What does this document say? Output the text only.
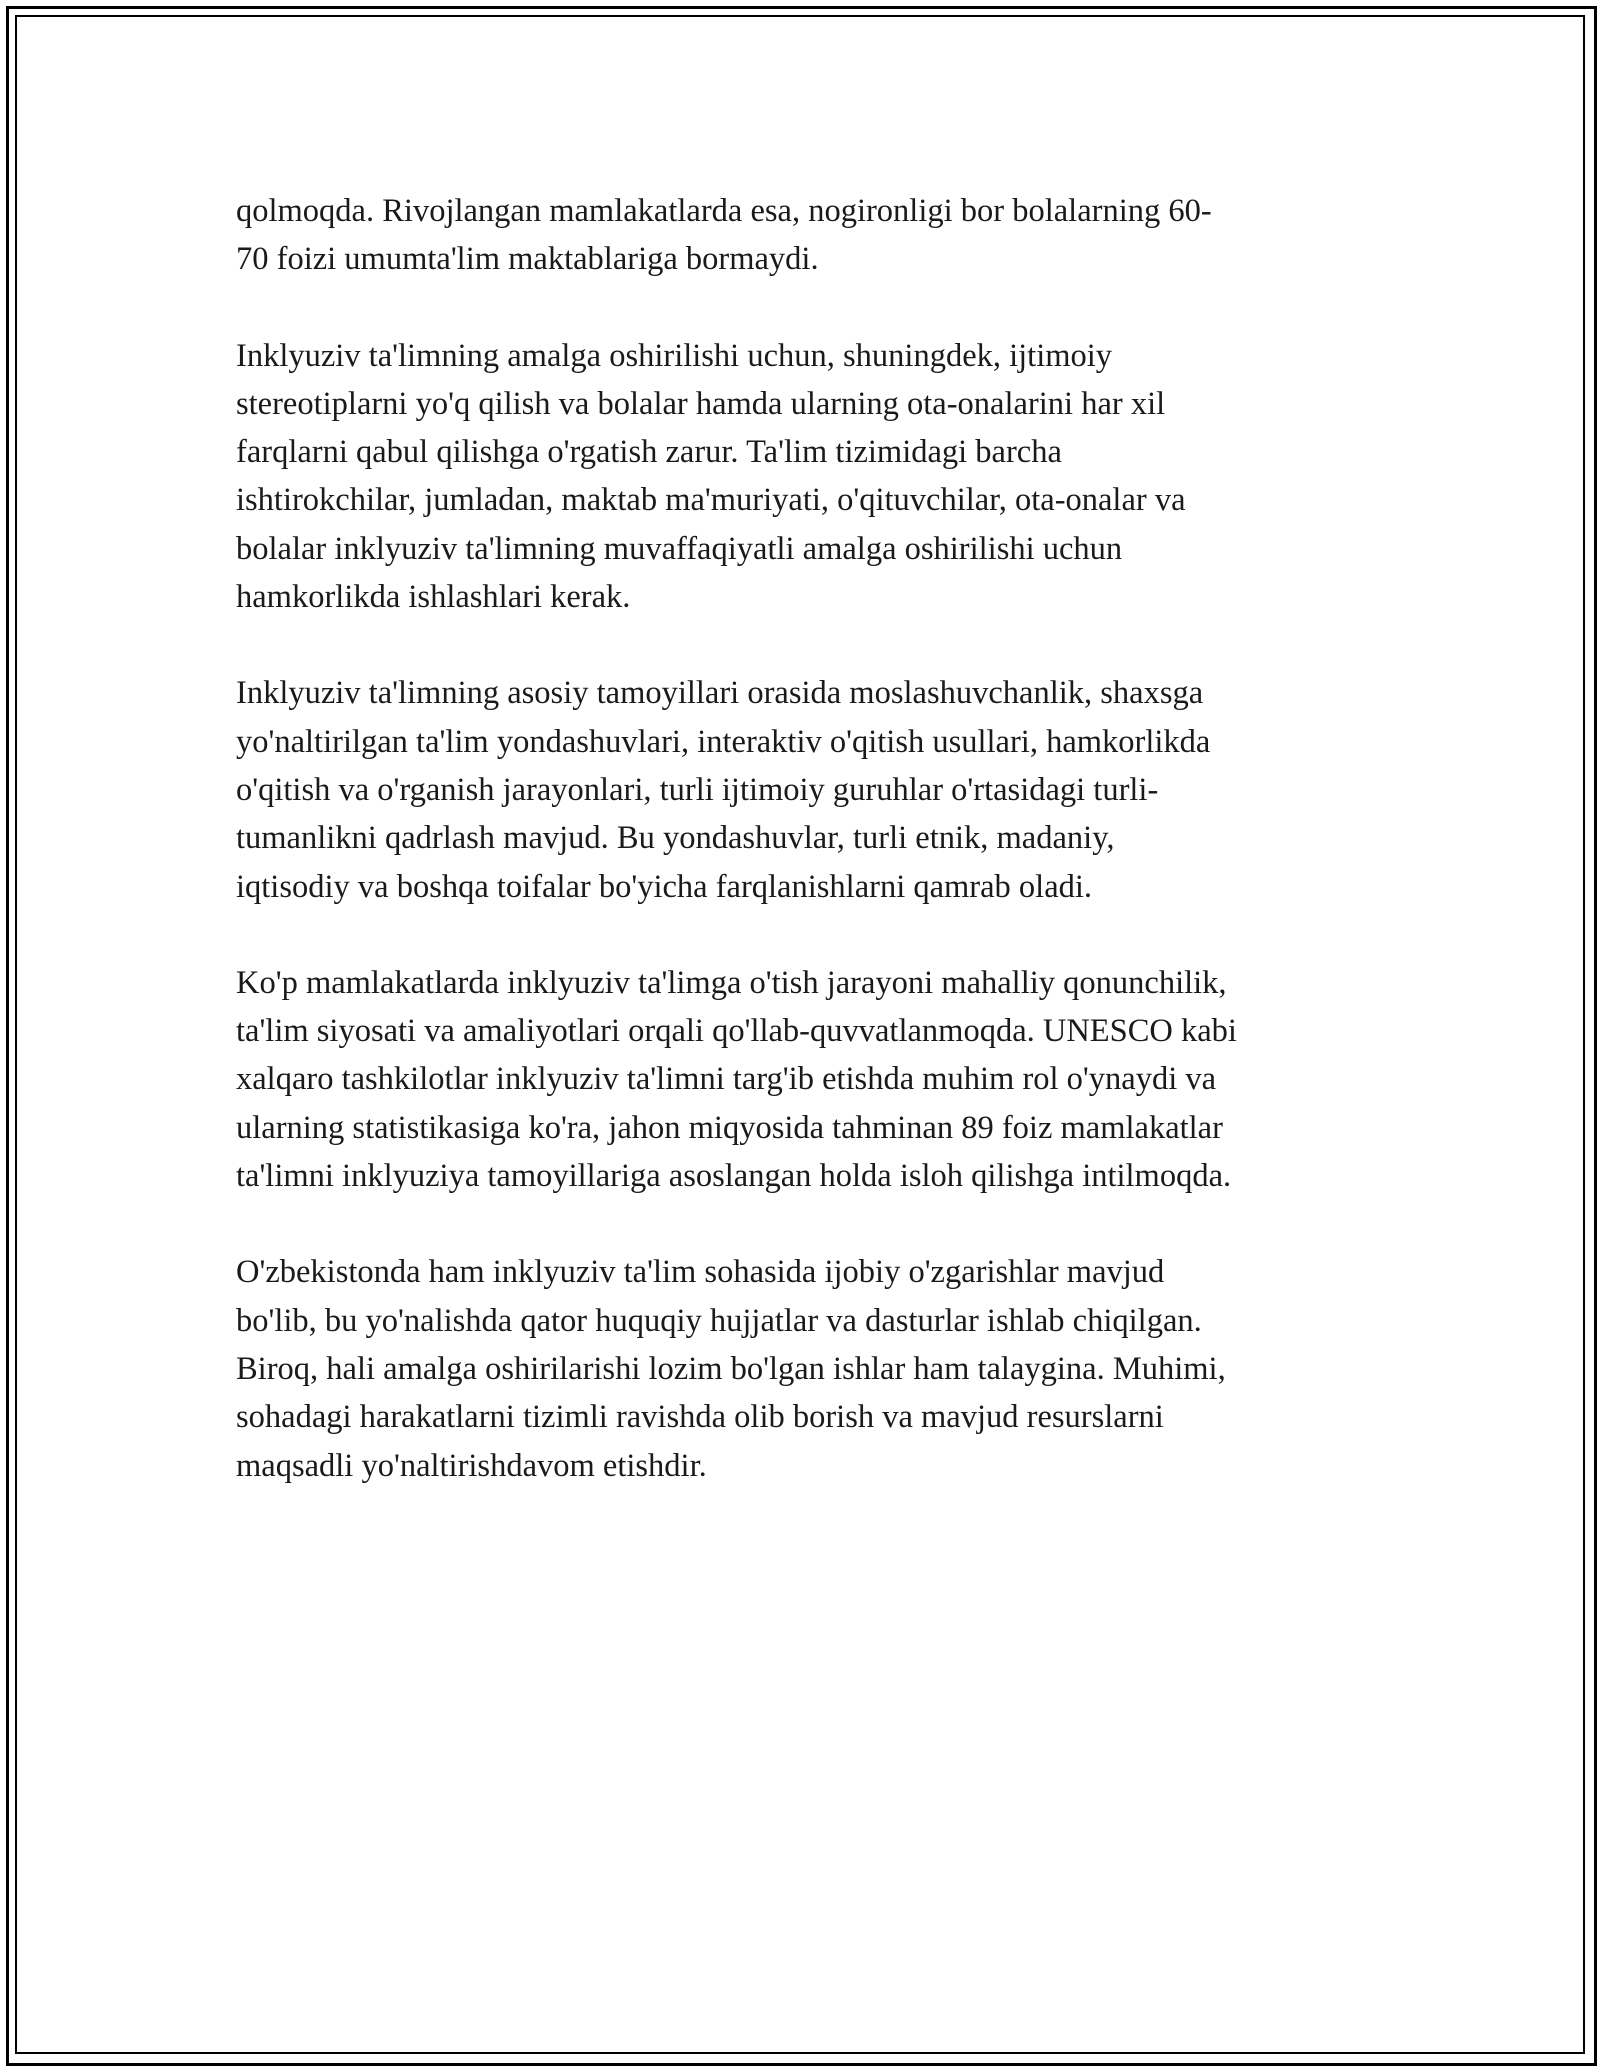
qolmoqda. Rivojlangan mamlakatlarda esa, nogironligi bor bolalarning 60-
70 foizi umumta'lim maktablariga bormaydi.

Inklyuziv ta'limning amalga oshirilishi uchun, shuningdek, ijtimoiy
stereotiplarni yo'q qilish va bolalar hamda ularning ota-onalarini har xil
farqlarni qabul qilishga o'rgatish zarur. Ta'lim tizimidagi barcha
ishtirokchilar, jumladan, maktab ma'muriyati, o'qituvchilar, ota-onalar va
bolalar inklyuziv ta'limning muvaffaqiyatli amalga oshirilishi uchun
hamkorlikda ishlashlari kerak.

Inklyuziv ta'limning asosiy tamoyillari orasida moslashuvchanlik, shaxsga
yo'naltirilgan ta'lim yondashuvlari, interaktiv o'qitish usullari, hamkorlikda
o'qitish va o'rganish jarayonlari, turli ijtimoiy guruhlar o'rtasidagi turli-
tumanlikni qadrlash mavjud. Bu yondashuvlar, turli etnik, madaniy,
iqtisodiy va boshqa toifalar bo'yicha farqlanishlarni qamrab oladi.

Ko'p mamlakatlarda inklyuziv ta'limga o'tish jarayoni mahalliy qonunchilik,
ta'lim siyosati va amaliyotlari orqali qo'llab-quvvatlanmoqda. UNESCO kabi
xalqaro tashkilotlar inklyuziv ta'limni targ'ib etishda muhim rol o'ynaydi va
ularning statistikasiga ko'ra, jahon miqyosida tahminan 89 foiz mamlakatlar
ta'limni inklyuziya tamoyillariga asoslangan holda isloh qilishga intilmoqda.

O'zbekistonda ham inklyuziv ta'lim sohasida ijobiy o'zgarishlar mavjud
bo'lib, bu yo'nalishda qator huquqiy hujjatlar va dasturlar ishlab chiqilgan.
Biroq, hali amalga oshirilarishi lozim bo'lgan ishlar ham talaygina. Muhimi,
sohadagi harakatlarni tizimli ravishda olib borish va mavjud resurslarni
maqsadli yo'naltirishdavom etishdir.
